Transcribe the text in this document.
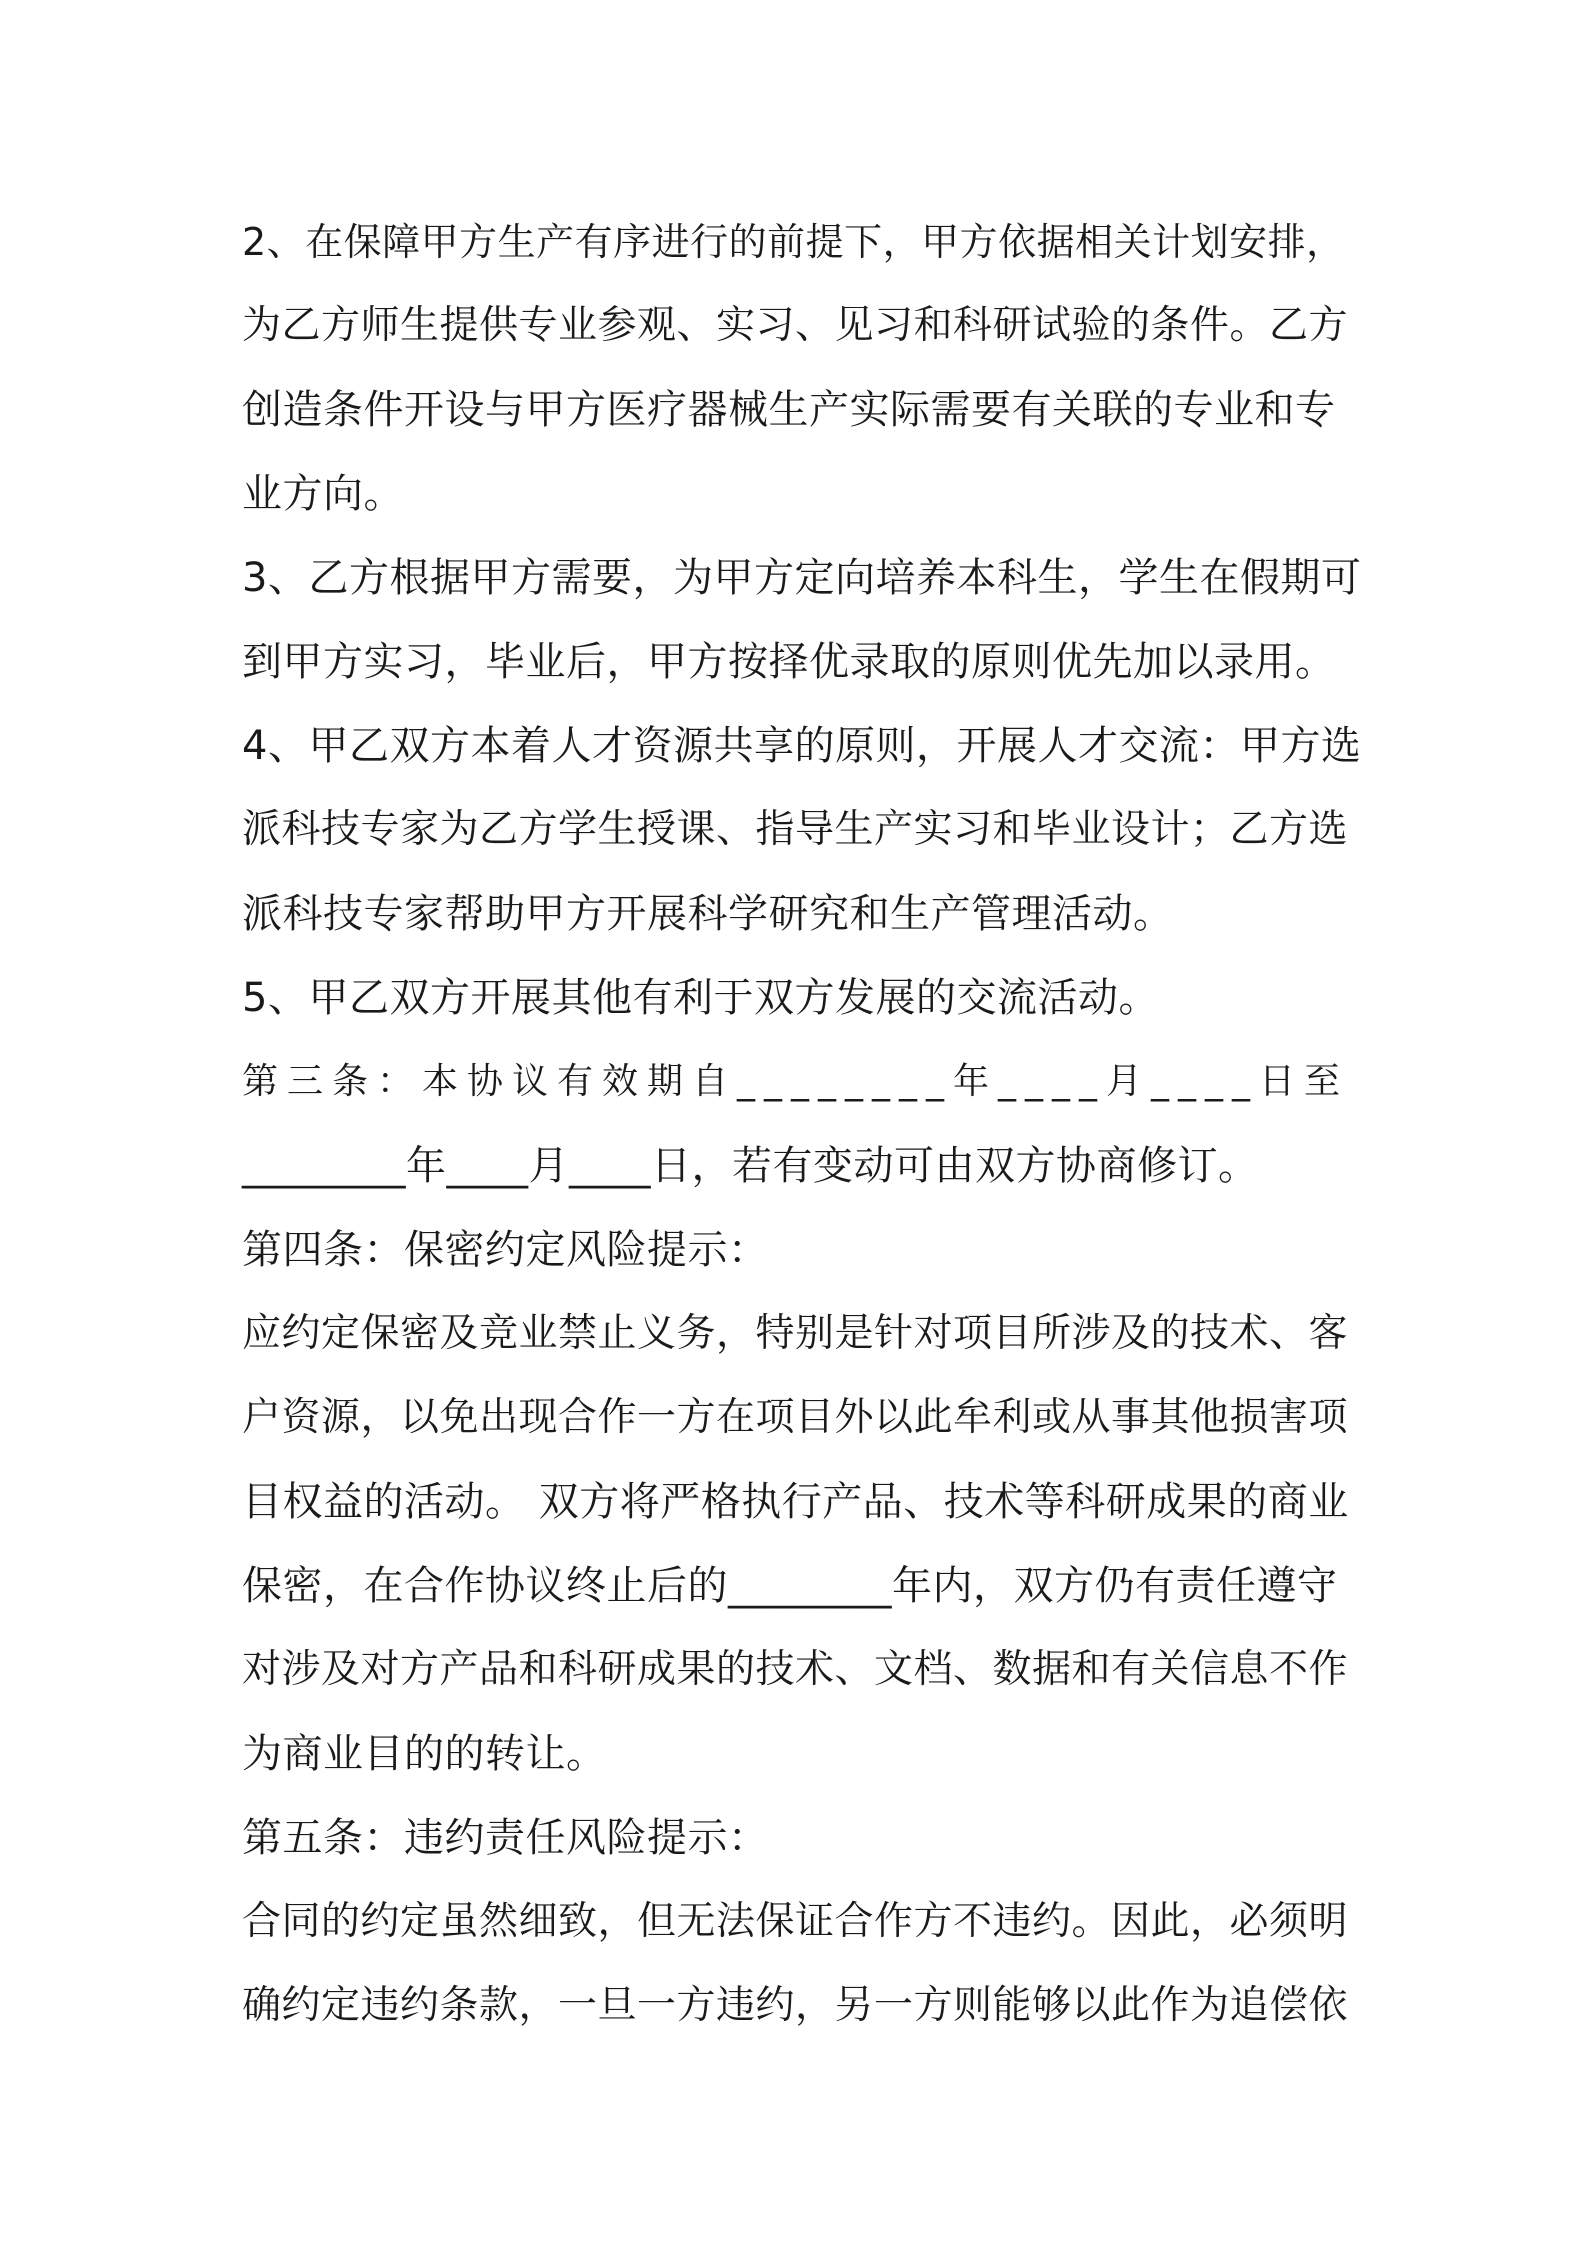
2、在保障甲方生产有序进行的前提下，甲方依据相关计划安排，
为乙方师生提供专业参观、实习、见习和科研试验的条件。乙方
创造条件开设与甲方医疗器械生产实际需要有关联的专业和专
业方向。
3、乙方根据甲方需要，为甲方定向培养本科生，学生在假期可
到甲方实习，毕业后，甲方按择优录取的原则优先加以录用。
4、甲乙双方本着人才资源共享的原则，开展人才交流：甲方选
派科技专家为乙方学生授课、指导生产实习和毕业设计；乙方选
派科技专家帮助甲方开展科学研究和生产管理活动。
5、甲乙双方开展其他有利于双方发展的交流活动。
第三条：本协议有效期自________年____月____日至
________年____月____日，若有变动可由双方协商修订。
第四条：保密约定风险提示：
应约定保密及竞业禁止义务，特别是针对项目所涉及的技术、客
户资源，以免出现合作一方在项目外以此牟利或从事其他损害项
目权益的活动。 双方将严格执行产品、技术等科研成果的商业
保密，在合作协议终止后的________年内，双方仍有责任遵守
对涉及对方产品和科研成果的技术、文档、数据和有关信息不作
为商业目的的转让。
第五条：违约责任风险提示：
合同的约定虽然细致，但无法保证合作方不违约。因此，必须明
确约定违约条款，一旦一方违约，另一方则能够以此作为追偿依
